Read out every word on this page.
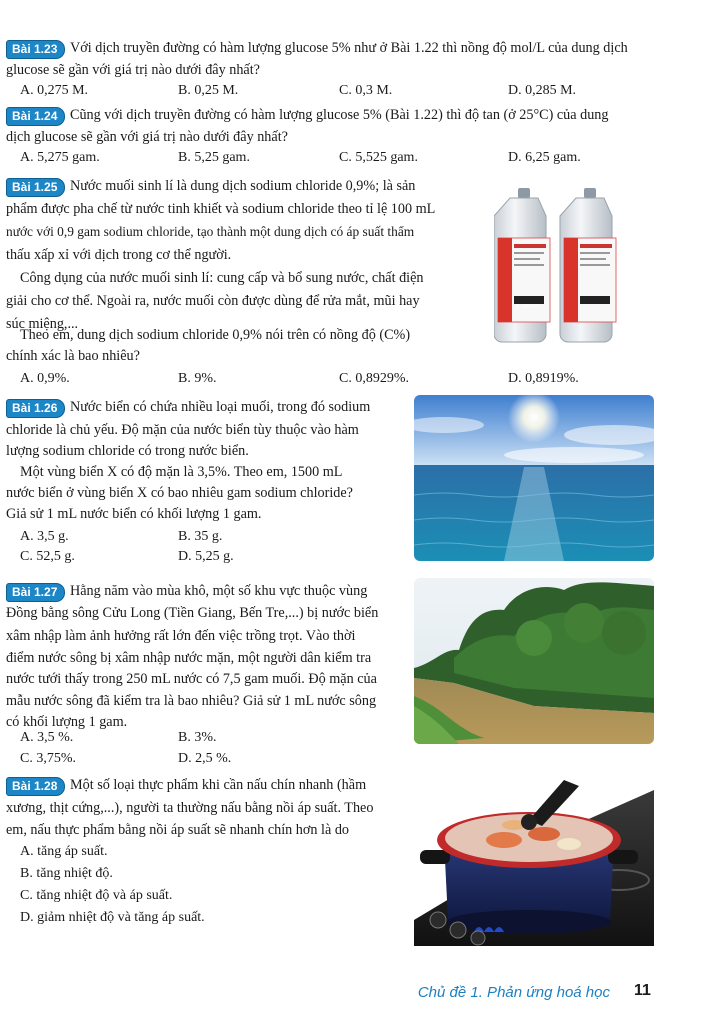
Bài 1.23 Với dịch truyền đường có hàm lượng glucose 5% như ở Bài 1.22 thì nồng độ mol/L của dung dịch
glucose sẽ gần với giá trị nào dưới đây nhất?
A. 0,275 M.	B. 0,25 M.	C. 0,3 M.	D. 0,285 M.
Bài 1.24 Cũng với dịch truyền đường có hàm lượng glucose 5% (Bài 1.22) thì độ tan (ở 25°C) của dung
dịch glucose sẽ gần với giá trị nào dưới đây nhất?
A. 5,275 gam.	B. 5,25 gam.	C. 5,525 gam.	D. 6,25 gam.
Bài 1.25 Nước muối sinh lí là dung dịch sodium chloride 0,9%; là sản
phẩm được pha chế từ nước tinh khiết và sodium chloride theo tỉ lệ 100 mL
nước với 0,9 gam sodium chloride, tạo thành một dung dịch có áp suất thẩm
thấu xấp xỉ với dịch trong cơ thể người.
Công dụng của nước muối sinh lí: cung cấp và bổ sung nước, chất điện
giải cho cơ thể. Ngoài ra, nước muối còn được dùng để rửa mắt, mũi hay
súc miệng,...
Theo em, dung dịch sodium chloride 0,9% nói trên có nồng độ (C%)
chính xác là bao nhiêu?
A. 0,9%.	B. 9%.	C. 0,8929%.	D. 0,8919%.
B. BRAUN
Bài 1.26 Nước biển có chứa nhiều loại muối, trong đó sodium
chloride là chủ yếu. Độ mặn của nước biển tùy thuộc vào hàm
lượng sodium chloride có trong nước biển.
Một vùng biển X có độ mặn là 3,5%. Theo em, 1500 mL
nước biển ở vùng biển X có bao nhiêu gam sodium chloride?
Giả sử 1 mL nước biển có khối lượng 1 gam.
A. 3,5 g.	B. 35 g.
C. 52,5 g.	D. 5,25 g.
Bài 1.27 Hằng năm vào mùa khô, một số khu vực thuộc vùng
Đồng bằng sông Cửu Long (Tiền Giang, Bến Tre,...) bị nước biển
xâm nhập làm ảnh hưởng rất lớn đến việc trồng trọt. Vào thời
điểm nước sông bị xâm nhập nước mặn, một người dân kiểm tra
nước tưới thấy trong 250 mL nước có 7,5 gam muối. Độ mặn của
mẫu nước sông đã kiểm tra là bao nhiêu? Giả sử 1 mL nước sông
có khối lượng 1 gam.
A. 3,5 %.	B. 3%.
C. 3,75%.	D. 2,5 %.
Bài 1.28 Một số loại thực phẩm khi cần nấu chín nhanh (hầm
xương, thịt cứng,...), người ta thường nấu bằng nồi áp suất. Theo
em, nấu thực phẩm bằng nồi áp suất sẽ nhanh chín hơn là do
A. tăng áp suất.
B. tăng nhiệt độ.
C. tăng nhiệt độ và áp suất.
D. giảm nhiệt độ và tăng áp suất.
Chủ đề 1. Phản ứng hoá học 11
